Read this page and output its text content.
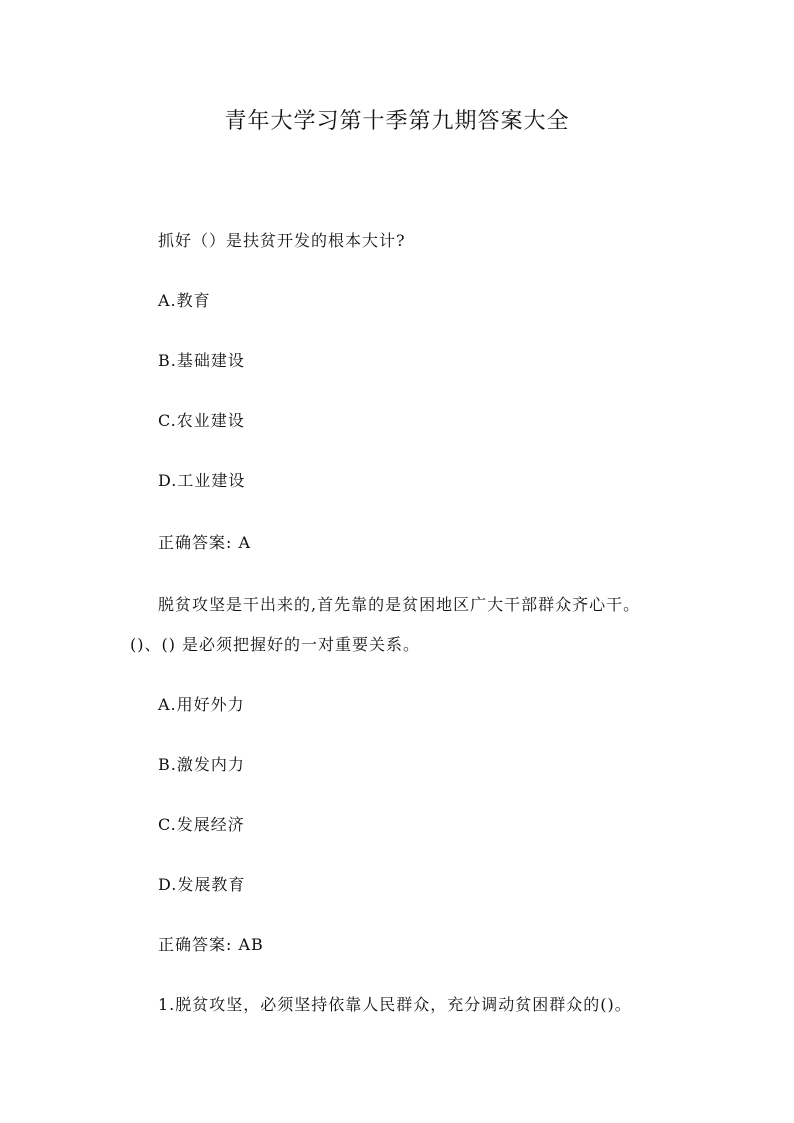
青年大学习第十季第九期答案大全
抓好（）是扶贫开发的根本大计?
A.教育
B.基础建设
C.农业建设
D.工业建设
正确答案: A
脱贫攻坚是干出来的,首先靠的是贫困地区广大干部群众齐心干。
()、() 是必须把握好的一对重要关系。
A.用好外力
B.激发内力
C.发展经济
D.发展教育
正确答案: AB
1.脱贫攻坚，必须坚持依靠人民群众，充分调动贫困群众的()。
